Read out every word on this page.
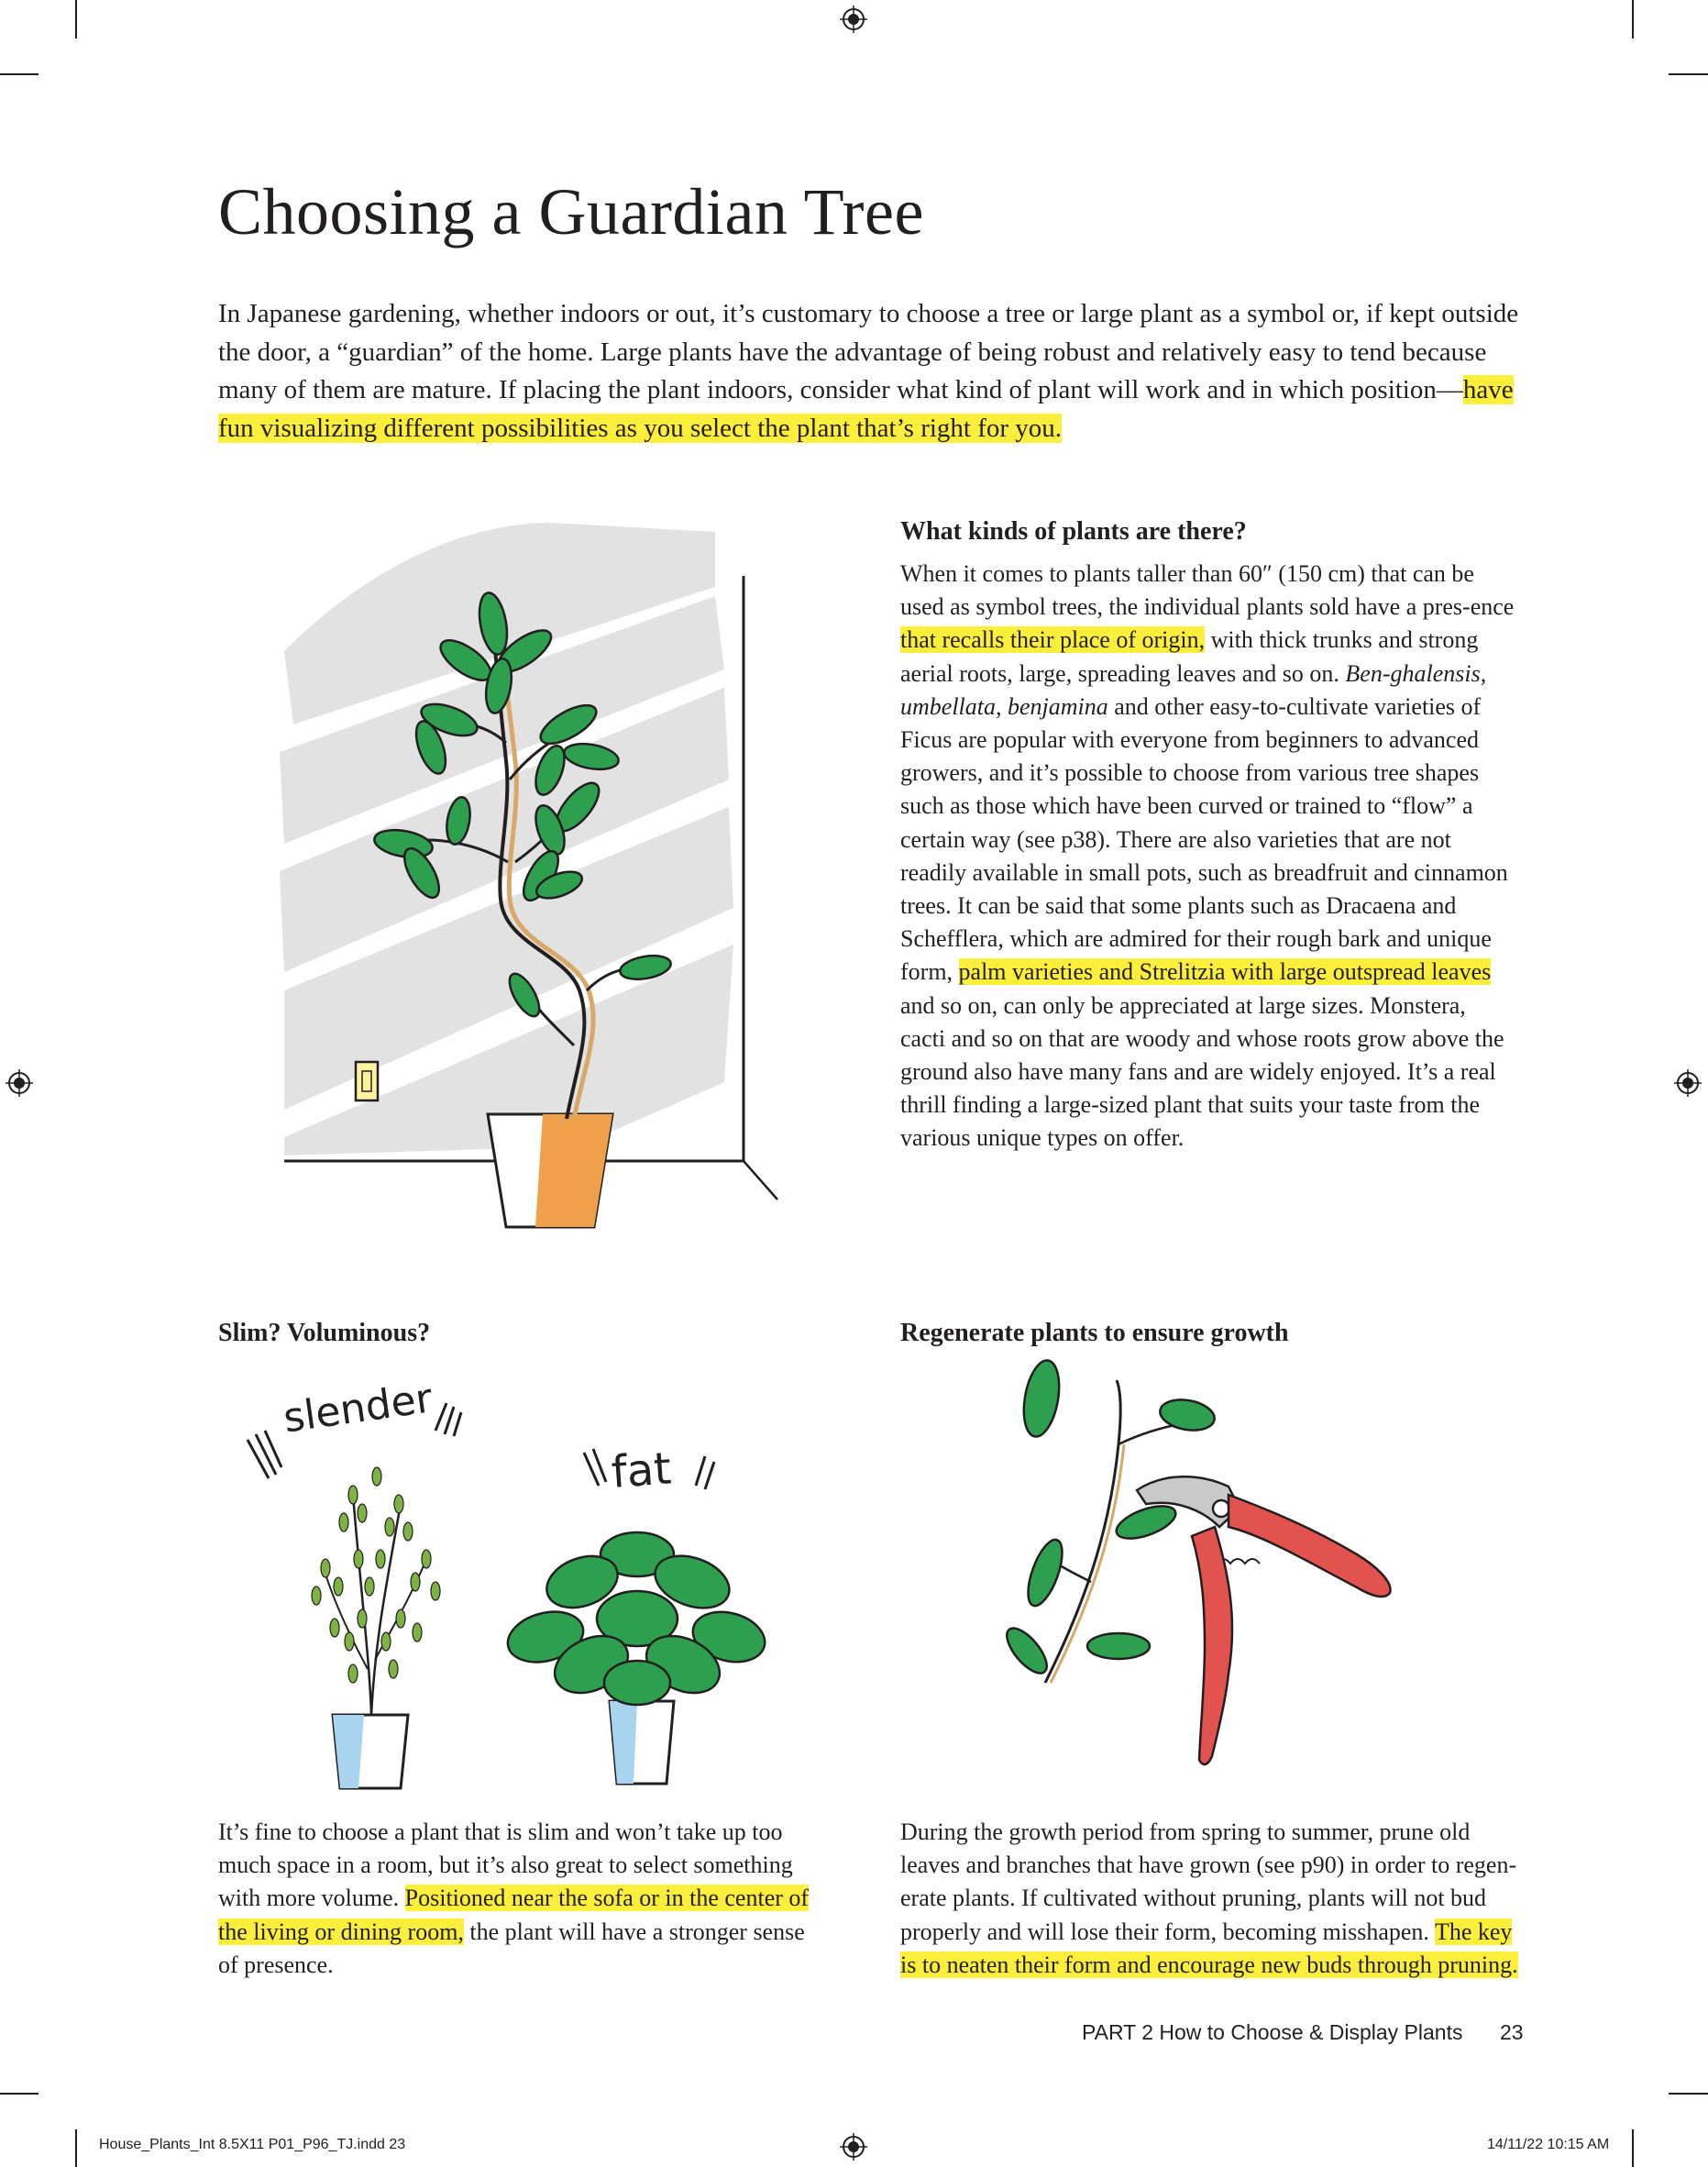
Choosing a Guardian Tree

In Japanese gardening, whether indoors or out, it’s customary to choose a tree or large plant as a symbol or, if kept outside the door, a “guardian” of the home. Large plants have the advantage of being robust and relatively easy to tend because many of them are mature. If placing the plant indoors, consider what kind of plant will work and in which position—have fun visualizing different possibilities as you select the plant that’s right for you.

What kinds of plants are there?

When it comes to plants taller than 60″ (150 cm) that can be used as symbol trees, the individual plants sold have a pres-ence that recalls their place of origin, with thick trunks and strong aerial roots, large, spreading leaves and so on. Ben-ghalensis, umbellata, benjamina and other easy-to-cultivate varieties of Ficus are popular with everyone from beginners to advanced growers, and it’s possible to choose from various tree shapes such as those which have been curved or trained to “flow” a certain way (see p38). There are also varieties that are not readily available in small pots, such as breadfruit and cinnamon trees. It can be said that some plants such as Dracaena and Schefflera, which are admired for their rough bark and unique form, palm varieties and Strelitzia with large outspread leaves and so on, can only be appreciated at large sizes. Monstera, cacti and so on that are woody and whose roots grow above the ground also have many fans and are widely enjoyed. It’s a real thrill finding a large-sized plant that suits your taste from the various unique types on offer.

Slim? Voluminous?
slender
fat

It’s fine to choose a plant that is slim and won’t take up too much space in a room, but it’s also great to select something with more volume. Positioned near the sofa or in the center of the living or dining room, the plant will have a stronger sense of presence.

Regenerate plants to ensure growth

During the growth period from spring to summer, prune old leaves and branches that have grown (see p90) in order to regen-erate plants. If cultivated without pruning, plants will not bud properly and will lose their form, becoming misshapen. The key is to neaten their form and encourage new buds through pruning.

PART 2 How to Choose & Display Plants 23
House_Plants_Int 8.5X11 P01_P96_TJ.indd 23	14/11/22 10:15 AM
